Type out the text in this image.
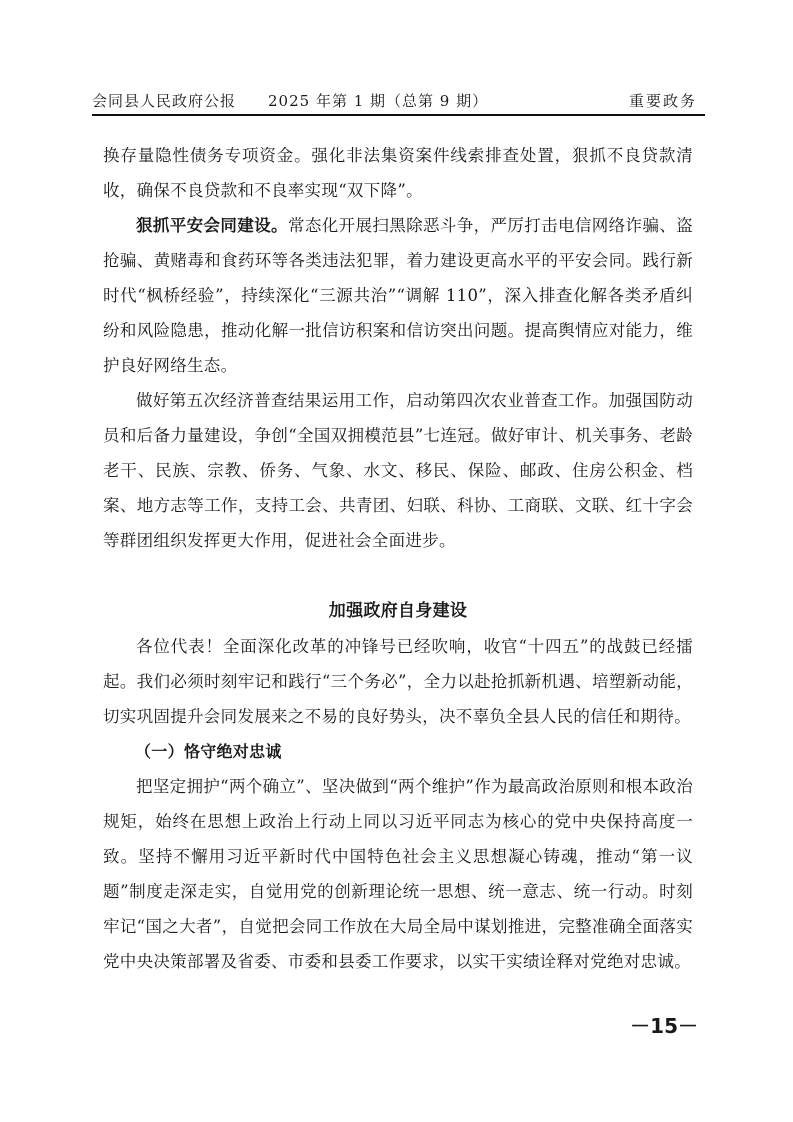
会同县人民政府公报　　2025 年第 1 期（总第 9 期）	重要政务

换存量隐性债务专项资金。强化非法集资案件线索排查处置，狠抓不良贷款清收，确保不良贷款和不良率实现“双下降”。

狠抓平安会同建设。常态化开展扫黑除恶斗争，严厉打击电信网络诈骗、盗抢骗、黄赌毒和食药环等各类违法犯罪，着力建设更高水平的平安会同。践行新时代“枫桥经验”，持续深化“三源共治”“调解 110”，深入排查化解各类矛盾纠纷和风险隐患，推动化解一批信访积案和信访突出问题。提高舆情应对能力，维护良好网络生态。

做好第五次经济普查结果运用工作，启动第四次农业普查工作。加强国防动员和后备力量建设，争创“全国双拥模范县”七连冠。做好审计、机关事务、老龄老干、民族、宗教、侨务、气象、水文、移民、保险、邮政、住房公积金、档案、地方志等工作，支持工会、共青团、妇联、科协、工商联、文联、红十字会等群团组织发挥更大作用，促进社会全面进步。

加强政府自身建设

各位代表！全面深化改革的冲锋号已经吹响，收官“十四五”的战鼓已经擂起。我们必须时刻牢记和践行“三个务必”，全力以赴抢抓新机遇、培塑新动能，切实巩固提升会同发展来之不易的良好势头，决不辜负全县人民的信任和期待。

（一）恪守绝对忠诚

把坚定拥护“两个确立”、坚决做到“两个维护”作为最高政治原则和根本政治规矩，始终在思想上政治上行动上同以习近平同志为核心的党中央保持高度一致。坚持不懈用习近平新时代中国特色社会主义思想凝心铸魂，推动“第一议题”制度走深走实，自觉用党的创新理论统一思想、统一意志、统一行动。时刻牢记“国之大者”，自觉把会同工作放在大局全局中谋划推进，完整准确全面落实党中央决策部署及省委、市委和县委工作要求，以实干实绩诠释对党绝对忠诚。

－15－
